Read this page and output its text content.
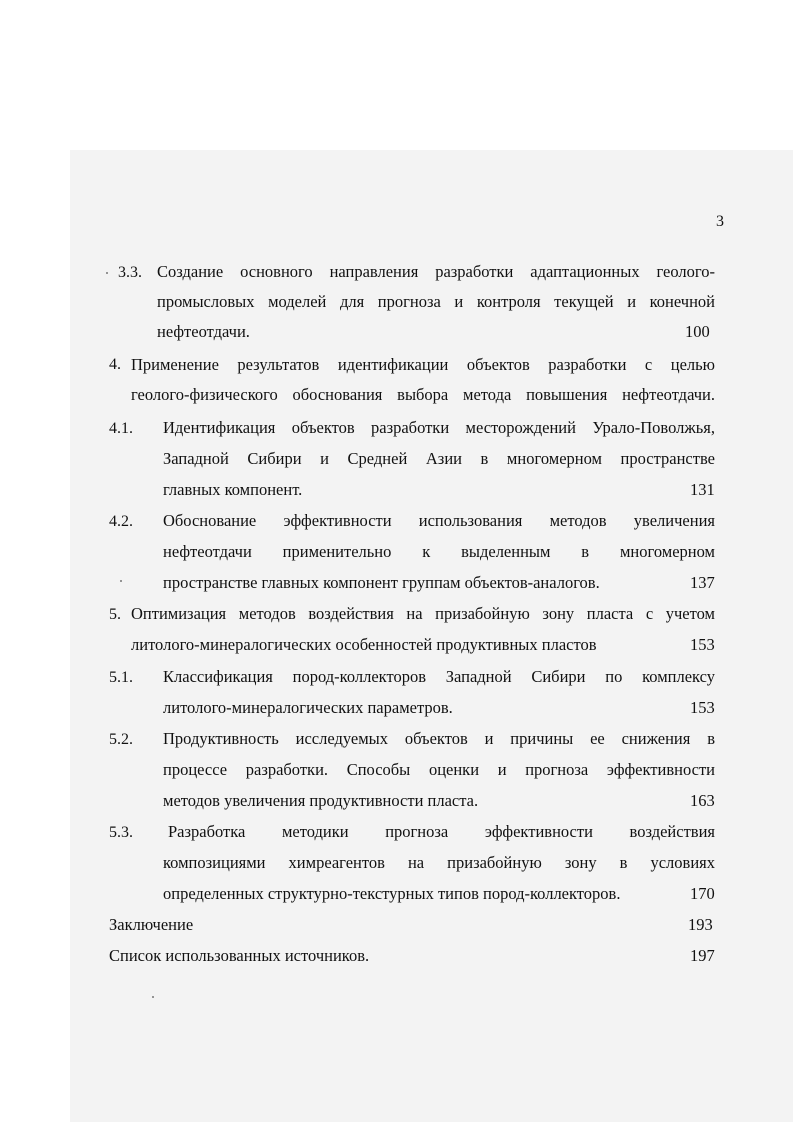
3
3.3. Создание основного направления разработки адаптационных геолого-
промысловых моделей для прогноза и контроля текущей и конечной
нефтеотдачи.	100
4. Применение результатов идентификации объектов разработки с целью
геолого-физического обоснования выбора метода повышения нефтеотдачи.
4.1. Идентификация объектов разработки месторождений Урало-Поволжья,
Западной Сибири и Средней Азии в многомерном пространстве
главных компонент.	131
4.2. Обоснование эффективности использования методов увеличения
нефтеотдачи применительно к выделенным в многомерном
пространстве главных компонент группам объектов-аналогов.	137
5. Оптимизация методов воздействия на призабойную зону пласта с учетом
литолого-минералогических особенностей продуктивных пластов	153
5.1. Классификация пород-коллекторов Западной Сибири по комплексу
литолого-минералогических параметров.	153
5.2. Продуктивность исследуемых объектов и причины ее снижения в
процессе разработки. Способы оценки и прогноза эффективности
методов увеличения продуктивности пласта.	163
5.3. Разработка методики прогноза эффективности воздействия
композициями химреагентов на призабойную зону в условиях
определенных структурно-текстурных типов пород-коллекторов.	170
Заключение	193
Список использованных источников.	197
